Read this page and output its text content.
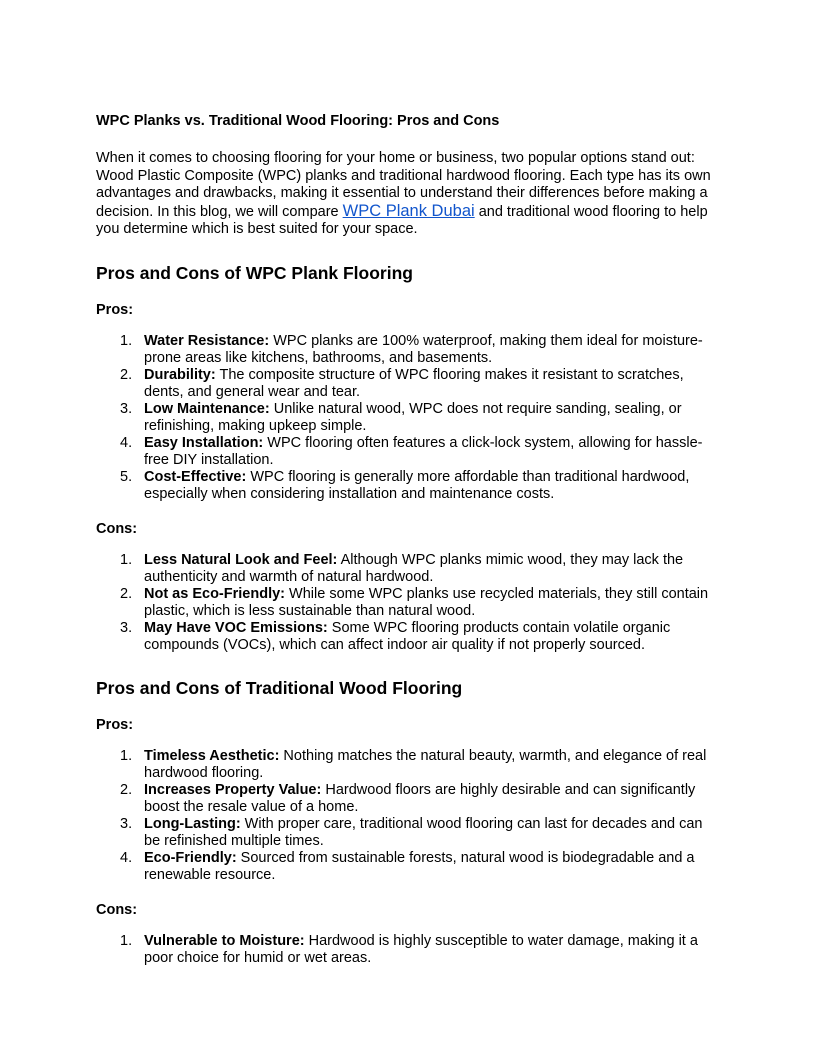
WPC Planks vs. Traditional Wood Flooring: Pros and Cons

When it comes to choosing flooring for your home or business, two popular options stand out: Wood Plastic Composite (WPC) planks and traditional hardwood flooring. Each type has its own advantages and drawbacks, making it essential to understand their differences before making a decision. In this blog, we will compare WPC Plank Dubai and traditional wood flooring to help you determine which is best suited for your space.

Pros and Cons of WPC Plank Flooring

Pros:

1. Water Resistance: WPC planks are 100% waterproof, making them ideal for moisture-prone areas like kitchens, bathrooms, and basements.
2. Durability: The composite structure of WPC flooring makes it resistant to scratches, dents, and general wear and tear.
3. Low Maintenance: Unlike natural wood, WPC does not require sanding, sealing, or refinishing, making upkeep simple.
4. Easy Installation: WPC flooring often features a click-lock system, allowing for hassle-free DIY installation.
5. Cost-Effective: WPC flooring is generally more affordable than traditional hardwood, especially when considering installation and maintenance costs.

Cons:

1. Less Natural Look and Feel: Although WPC planks mimic wood, they may lack the authenticity and warmth of natural hardwood.
2. Not as Eco-Friendly: While some WPC planks use recycled materials, they still contain plastic, which is less sustainable than natural wood.
3. May Have VOC Emissions: Some WPC flooring products contain volatile organic compounds (VOCs), which can affect indoor air quality if not properly sourced.
Pros and Cons of Traditional Wood Flooring

Pros:

1. Timeless Aesthetic: Nothing matches the natural beauty, warmth, and elegance of real hardwood flooring.
2. Increases Property Value: Hardwood floors are highly desirable and can significantly boost the resale value of a home.
3. Long-Lasting: With proper care, traditional wood flooring can last for decades and can be refinished multiple times.
4. Eco-Friendly: Sourced from sustainable forests, natural wood is biodegradable and a renewable resource.

Cons:

1. Vulnerable to Moisture: Hardwood is highly susceptible to water damage, making it a poor choice for humid or wet areas.
